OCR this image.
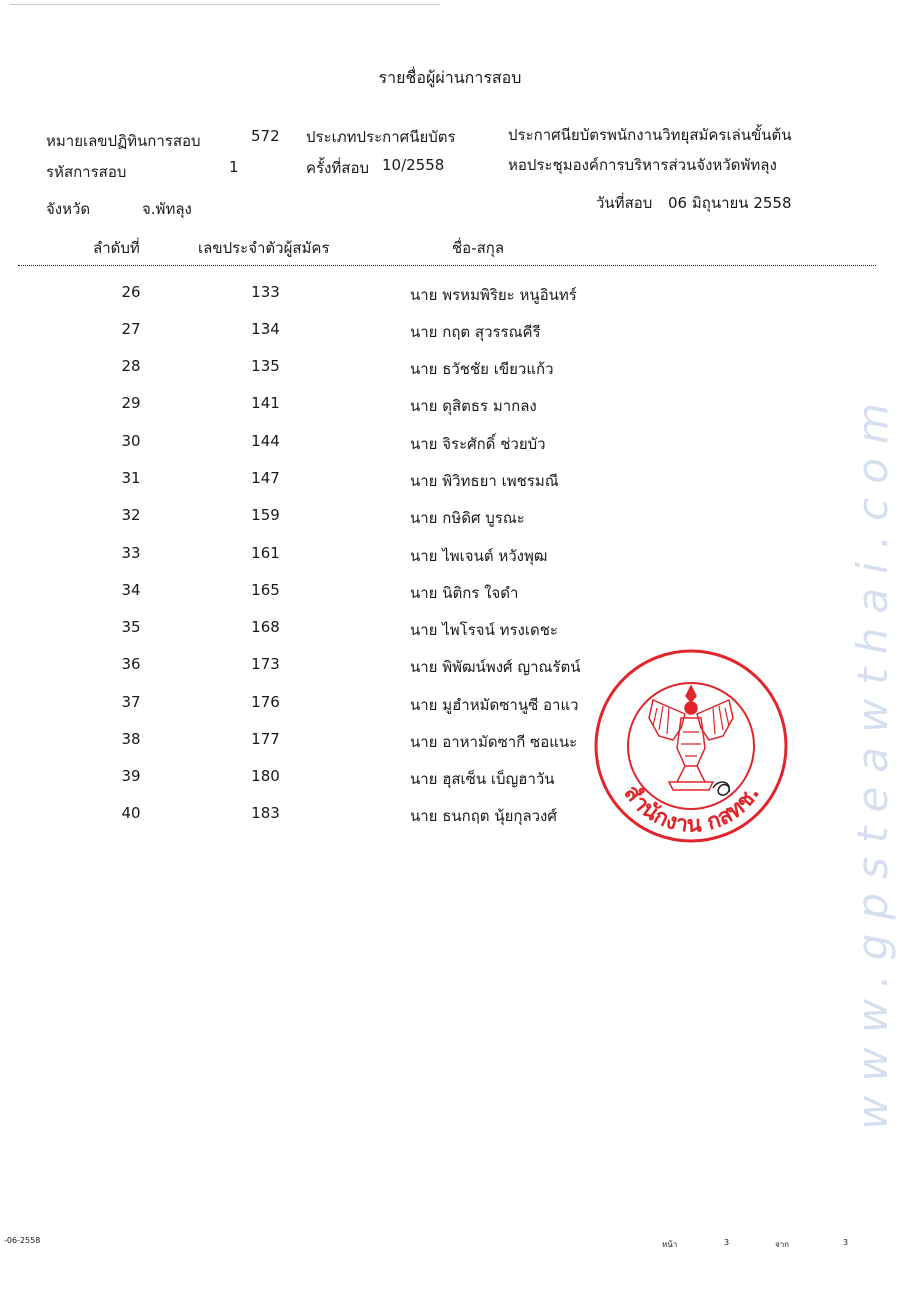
www.gpsteawthai.com
รายชื่อผู้ผ่านการสอบ
หมายเลขปฏิทินการสอบ	572 ประเภทประกาศนียบัตร	ประกาศนียบัตรพนักงานวิทยุสมัครเล่นขั้นต้น
รหัสการสอบ	1	ครั้งที่สอบ 10/2558	หอประชุมองค์การบริหารส่วนจังหวัดพัทลุง
จังหวัด	จ.พัทลุง	วันที่สอบ 06 มิถุนายน 2558
ลำดับที่	เลขประจำตัวผู้สมัคร	ชื่อ-สกุล
26	133	นาย พรหมพิริยะ หนูอินทร์
27	134	นาย กฤต สุวรรณคีรี
28	135	นาย ธวัชชัย เขียวแก้ว
29	141	นาย ดุสิตธร มากลง
30	144	นาย จิระศักดิ์ ช่วยบัว
31	147	นาย พิวิทธยา เพชรมณี
32	159	นาย กษิดิศ บูรณะ
33	161	นาย ไพเจนต์ หวังพุฒ
34	165	นาย นิติกร ใจดำ
35	168	นาย ไพโรจน์ ทรงเดชะ
36	173	นาย พิพัฒน์พงศ์ ญาณรัตน์
37	176	นาย มูฮำหมัดซานูซี อาแว
38	177	นาย อาหามัดซากี ซอแนะ
39	180	นาย ฮุสเซ็น เบ็ญฮาวัน
40	183	นาย ธนกฤต นุ้ยกุลวงศ์	สำนักงาน กสทช.
-06-2558	หน้า	3	จาก	3
